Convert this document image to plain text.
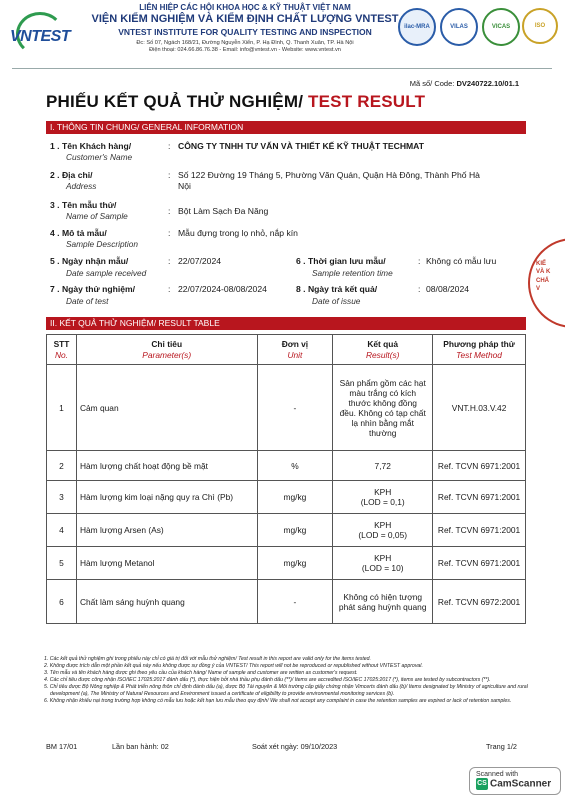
VNTEST
LIÊN HIỆP CÁC HỘI KHOA HỌC & KỸ THUẬT VIỆT NAM
VIỆN KIỂM NGHIỆM VÀ KIỂM ĐỊNH CHẤT LƯỢNG VNTEST
VNTEST INSTITUTE FOR QUALITY TESTING AND INSPECTION
Đc: Số 07, Ngách 168/21, Đường Nguyễn Xiển, P. Hạ Đình, Q. Thanh Xuân, TP. Hà Nội
Điện thoại: 024.66.86.76.38 - Email: info@vntest.vn - Website: www.vntest.vn
ilac-MRA	VILAS	VICAS	ISO
Mã số/ Code: DV240722.10/01.1
PHIẾU KẾT QUẢ THỬ NGHIỆM/ TEST RESULT
I. THÔNG TIN CHUNG/ GENERAL INFORMATION
1 . Tên Khách hàng/
Customer's Name
: CÔNG TY TNHH TƯ VẤN VÀ THIẾT KẾ KỸ THUẬT TECHMAT
2 . Địa chỉ/
Address
: Số 122 Đường 19 Tháng 5, Phường Văn Quán, Quận Hà Đông, Thành Phố Hà
Nội
3 . Tên mẫu thử/
Name of Sample	: Bột Làm Sạch Đa Năng
4 . Mô tả mẫu/
Sample Description
: Mẫu đựng trong lọ nhỏ, nắp kín
5 . Ngày nhận mẫu/
Date sample received
: 22/07/2024	6 . Thời gian lưu mẫu/
Sample retention time
: Không có mẫu lưu
7 . Ngày thử nghiệm/
Date of test
: 22/07/2024-08/08/2024	8 . Ngày trả kết quả/
Date of issue
: 08/08/2024
KIỂ
VÀ K
CHẤ
V
II. KẾT QUẢ THỬ NGHIỆM/ RESULT TABLE
STT
No.	Chỉ tiêu
Parameter(s)	Đơn vị
Unit	Kết quả
Result(s)	Phương pháp thử
Test Method

1	Cảm quan	-	Sản phẩm gồm các hạt màu trắng có kích thước không đồng đều. Không có tạp chất lạ nhìn bằng mắt thường	VNT.H.03.V.42
2	Hàm lượng chất hoạt động bề mặt	%	7,72	Ref. TCVN 6971:2001
3	Hàm lượng kim loại nặng quy ra Chì (Pb)	mg/kg	KPH
(LOD = 0,1)	Ref. TCVN 6971:2001
4	Hàm lượng Arsen (As)	mg/kg	KPH
(LOD = 0,05)	Ref. TCVN 6971:2001
5	Hàm lượng Metanol	mg/kg	KPH
(LOD = 10)	Ref. TCVN 6971:2001
6	Chất làm sáng huỳnh quang	-	Không có hiện tượng phát sáng huỳnh quang	Ref. TCVN 6972:2001
1. Các kết quả thử nghiệm ghi trong phiếu này chỉ có giá trị đối với mẫu thử nghiệm/ Test result in this report are valid only for the items tested.
2. Không được trích dẫn một phần kết quả này nếu không được sự đồng ý của VNTEST/ This report will not be reproduced or republished without VNTEST approval.
3. Tên mẫu và tên khách hàng được ghi theo yêu cầu của khách hàng/ Name of sample and customer are written as customer's request.
4. Các chỉ tiêu được công nhận ISO/IEC 17025:2017 đánh dấu (*), thực hiện bởi nhà thầu phụ đánh dấu (**)/ Items are accredited ISO/IEC 17025:2017 (*), items are tested by subcontractors (**).
5. Chỉ tiêu được Bộ Nông nghiệp & Phát triển nông thôn chỉ định đánh dấu (a), được Bộ Tài nguyên & Môi trường cấp giấy chứng nhận Vimcerts đánh dấu (b)/ Items designated by Ministry of agriculture and rural development (a), The Ministry of Natural Resources and Environment issued a certificate of eligibility to provide environmental monitoring services (b).
6. Không nhận khiếu nại trong trường hợp không có mẫu lưu hoặc kết hạn lưu mẫu theo quy định/ We shall not accept any complaint in case the retention samples are expired or lack of retention samples.
BM 17/01	Lần ban hành: 02	Soát xét ngày: 09/10/2023	Trang 1/2
Scanned with
CS CamScanner
